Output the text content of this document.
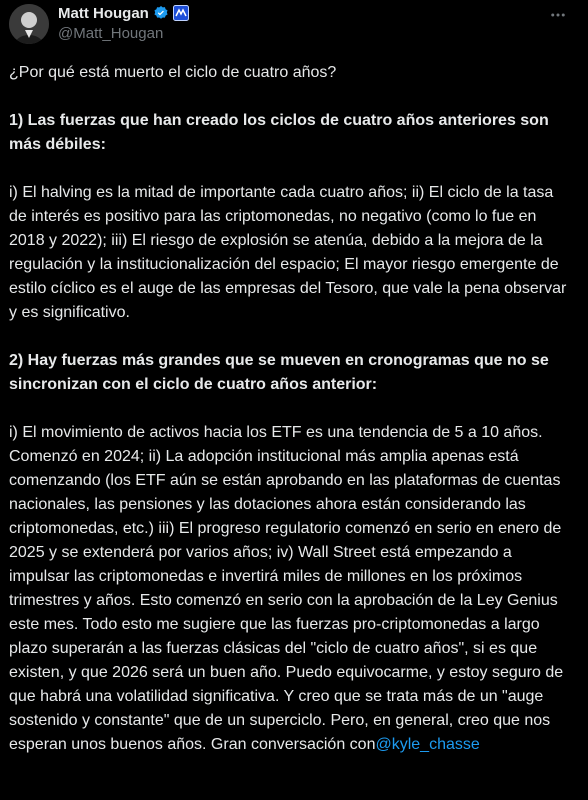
Matt Hougan
@Matt_Hougan

¿Por qué está muerto el ciclo de cuatro años?

1) Las fuerzas que han creado los ciclos de cuatro años anteriores son más débiles:

i) El halving es la mitad de importante cada cuatro años; ii) El ciclo de la tasa de interés es positivo para las criptomonedas, no negativo (como lo fue en 2018 y 2022); iii) El riesgo de explosión se atenúa, debido a la mejora de la regulación y la institucionalización del espacio; El mayor riesgo emergente de estilo cíclico es el auge de las empresas del Tesoro, que vale la pena observar y es significativo.

2) Hay fuerzas más grandes que se mueven en cronogramas que no se sincronizan con el ciclo de cuatro años anterior:

i) El movimiento de activos hacia los ETF es una tendencia de 5 a 10 años. Comenzó en 2024; ii) La adopción institucional más amplia apenas está comenzando (los ETF aún se están aprobando en las plataformas de cuentas nacionales, las pensiones y las dotaciones ahora están considerando las criptomonedas, etc.) iii) El progreso regulatorio comenzó en serio en enero de 2025 y se extenderá por varios años; iv) Wall Street está empezando a impulsar las criptomonedas e invertirá miles de millones en los próximos trimestres y años. Esto comenzó en serio con la aprobación de la Ley Genius este mes. Todo esto me sugiere que las fuerzas pro-criptomonedas a largo plazo superarán a las fuerzas clásicas del "ciclo de cuatro años", si es que existen, y que 2026 será un buen año. Puedo equivocarme, y estoy seguro de que habrá una volatilidad significativa. Y creo que se trata más de un "auge sostenido y constante" que de un superciclo. Pero, en general, creo que nos esperan unos buenos años. Gran conversación con@kyle_chasse
